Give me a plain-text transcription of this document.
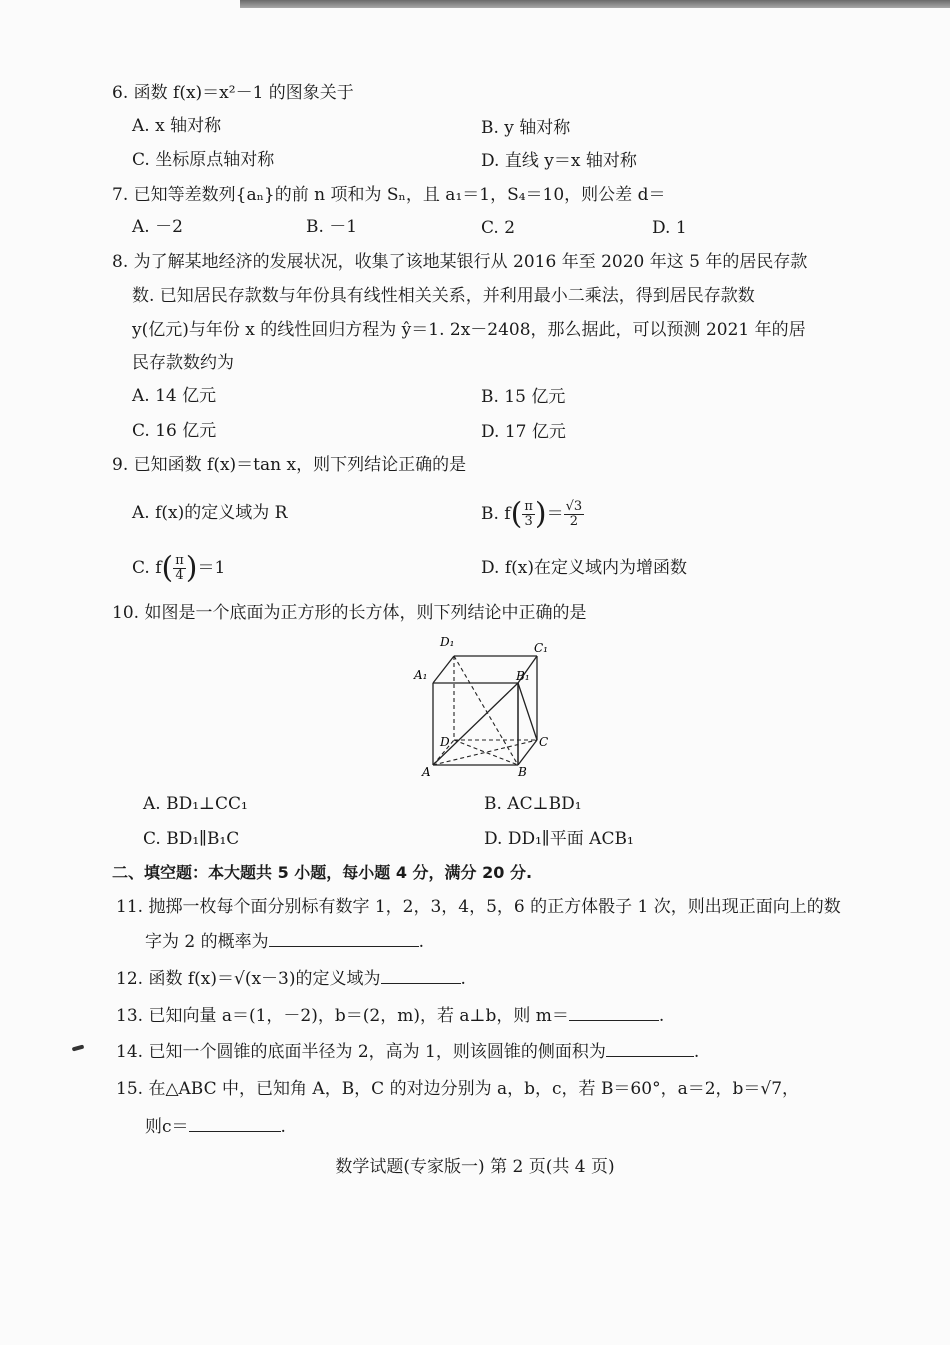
6. 函数 f(x)＝x²－1 的图象关于
A. x 轴对称	B. y 轴对称
C. 坐标原点轴对称	D. 直线 y＝x 轴对称
7. 已知等差数列{aₙ}的前 n 项和为 Sₙ，且 a₁＝1，S₄＝10，则公差 d＝
A. －2	B. －1	C. 2	D. 1
8. 为了解某地经济的发展状况，收集了该地某银行从 2016 年至 2020 年这 5 年的居民存款
数. 已知居民存款数与年份具有线性相关关系，并利用最小二乘法，得到居民存款数
y(亿元)与年份 x 的线性回归方程为 ŷ＝1. 2x－2408，那么据此，可以预测 2021 年的居
民存款数约为
A. 14 亿元	B. 15 亿元
C. 16 亿元	D. 17 亿元
9. 已知函数 f(x)＝tan x，则下列结论正确的是
A. f(x)的定义域为 R	B. $f( \frac{\pi}{3}$ )＝ $\frac{√3}{2}$
C. $f( \frac{\pi}{4} )=1$	D. f(x)在定义域内为增函数
10. 如图是一个底面为正方形的长方体，则下列结论中正确的是
D₁	C₁
A₁	B₁
D	C
A	B
A. BD₁⊥CC₁	B. AC⊥BD₁
C. BD₁∥B₁C	D. DD₁∥平面 ACB₁
二、填空题：本大题共 5 小题，每小题 4 分，满分 20 分.
11. 抛掷一枚每个面分别标有数字 1，2，3，4，5，6 的正方体骰子 1 次，则出现正面向上的数
字为 2 的概率为	.
12. 函数 f(x)＝√(x－3)的定义域为	.
13. 已知向量 a＝(1，－2)，b＝(2，m)，若 a⊥b，则 m＝	.
14. 已知一个圆锥的底面半径为 2，高为 1，则该圆锥的侧面积为	.
15. 在△ABC 中，已知角 A，B，C 的对边分别为 a，b，c，若 B＝60°，a＝2，b＝√7，
则c＝	.
数学试题(专家版一) 第 2 页(共 4 页)
